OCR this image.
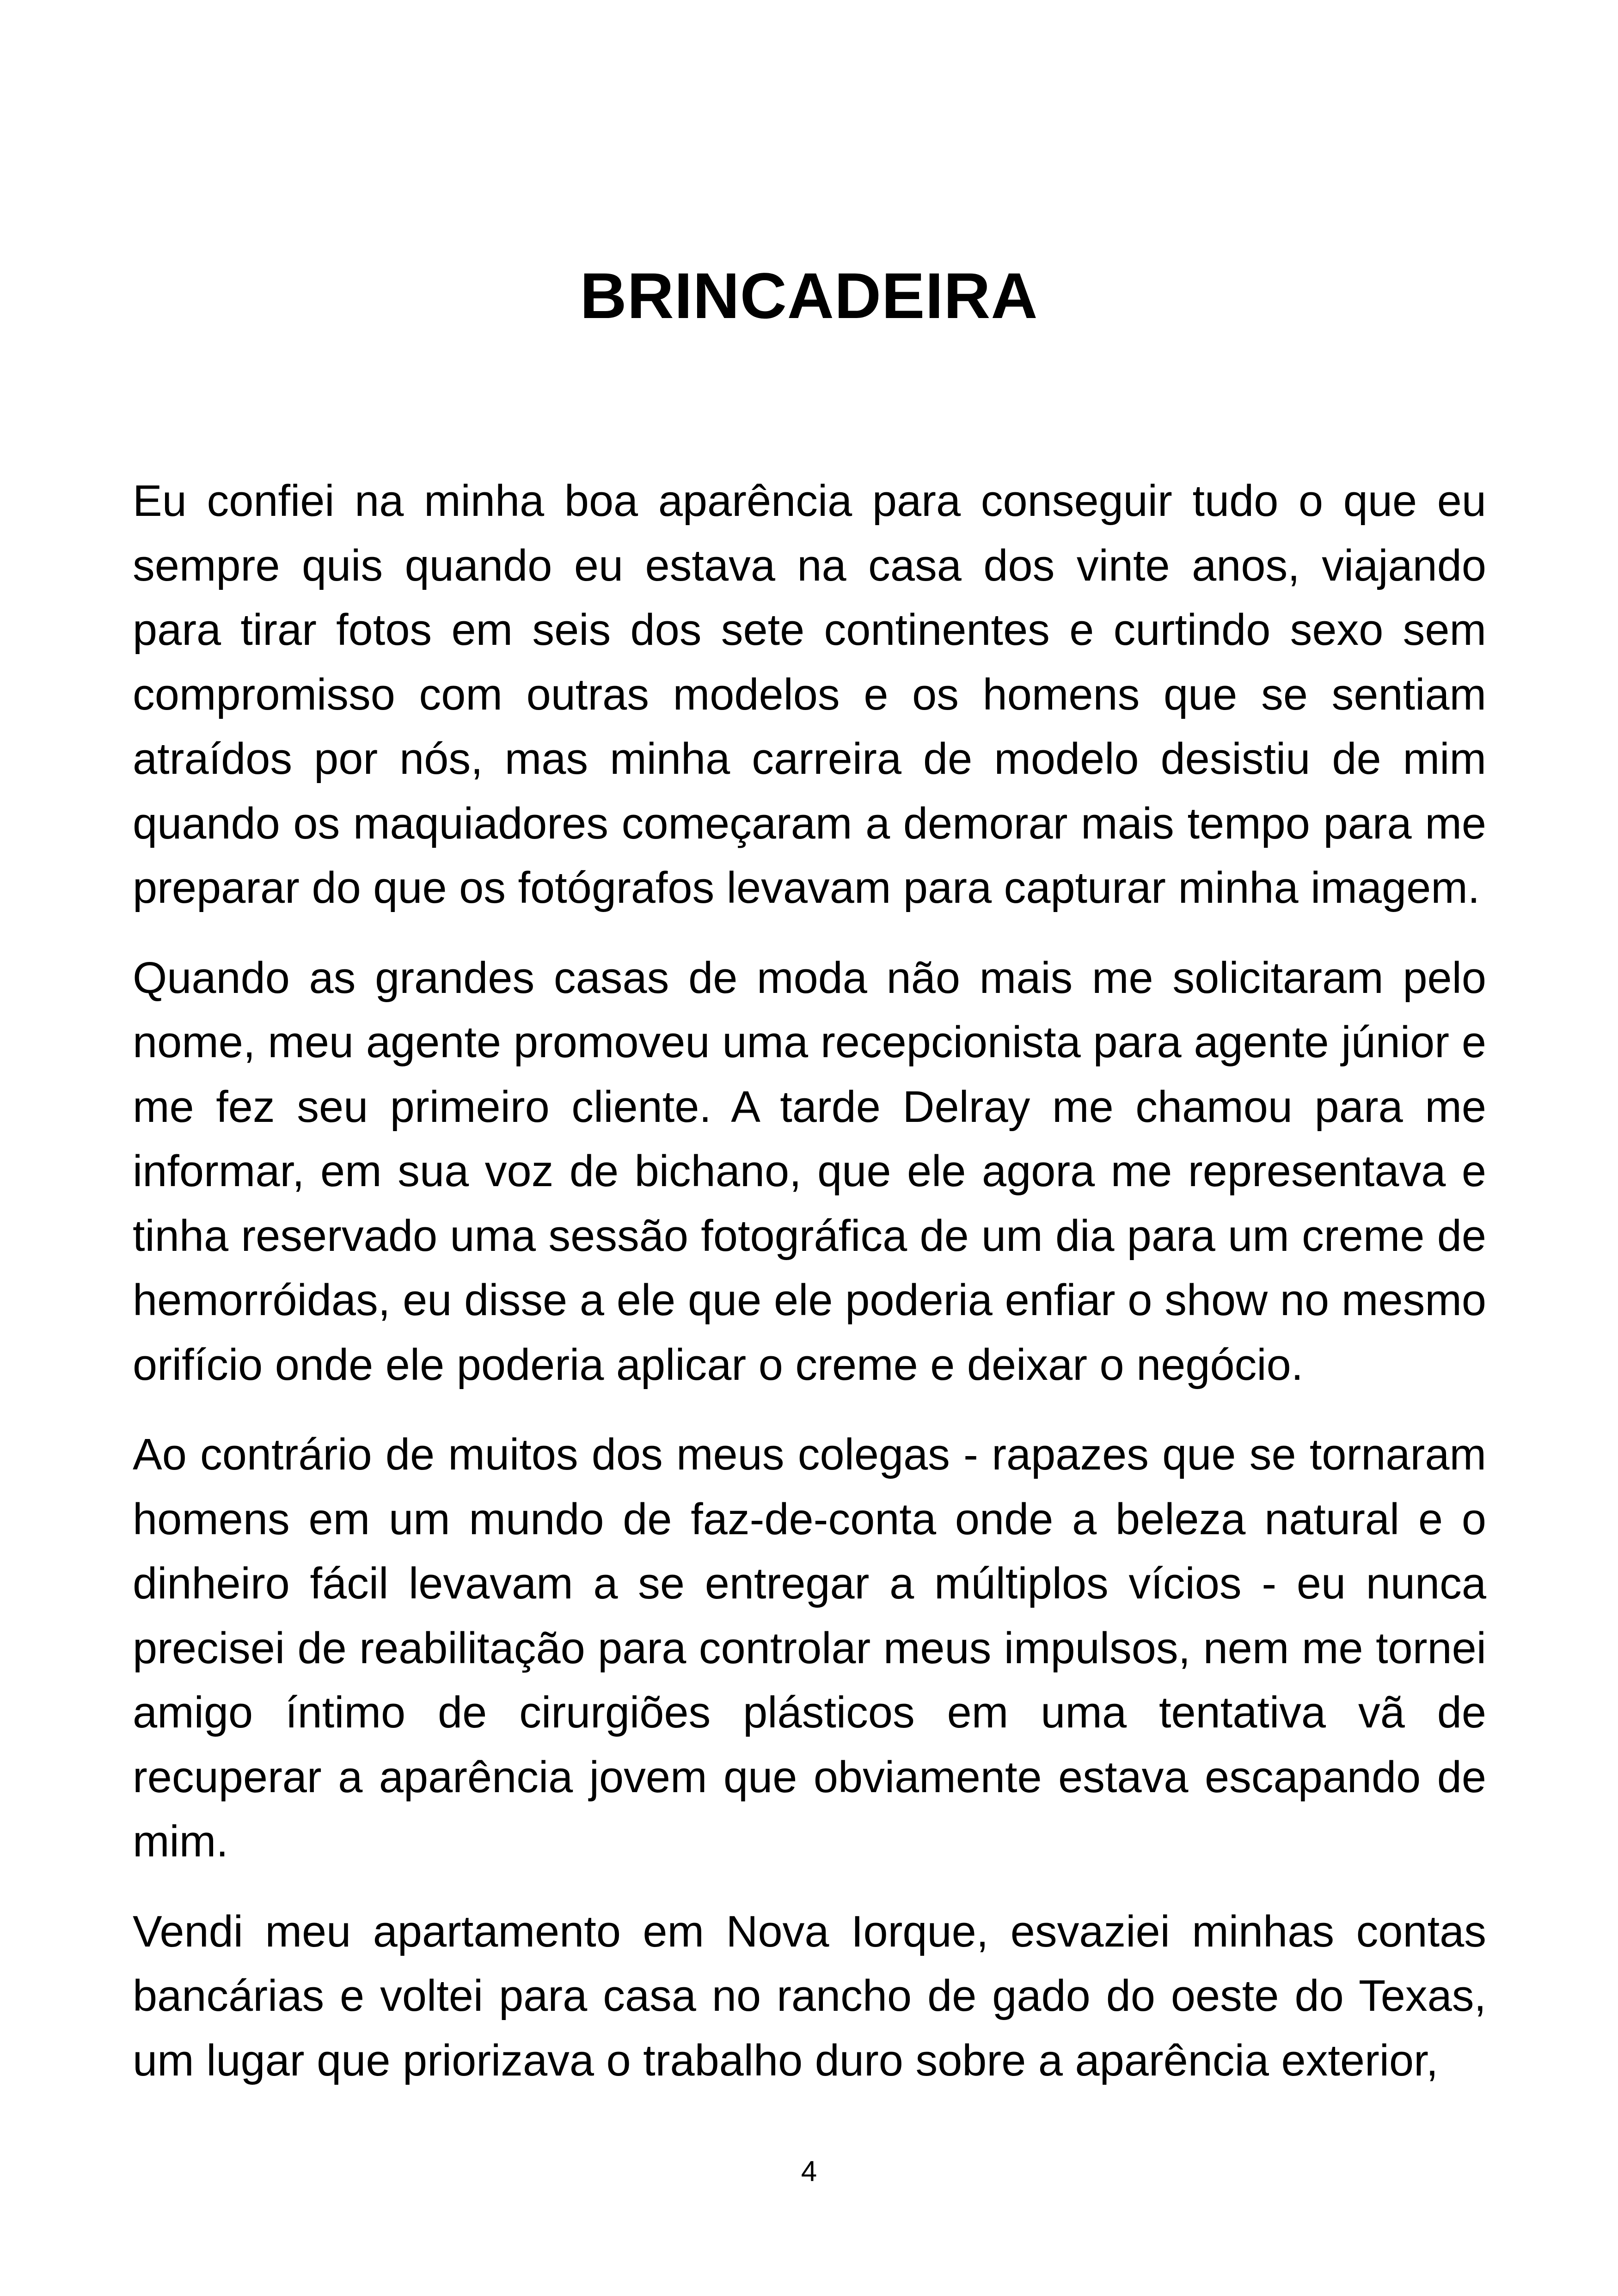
BRINCADEIRA

Eu confiei na minha boa aparência para conseguir tudo o que eu sempre quis quando eu estava na casa dos vinte anos, viajando para tirar fotos em seis dos sete continentes e curtindo sexo sem compromisso com outras modelos e os homens que se sentiam atraídos por nós, mas minha carreira de modelo desistiu de mim quando os maquiadores começaram a demorar mais tempo para me preparar do que os fotógrafos levavam para capturar minha imagem.

Quando as grandes casas de moda não mais me solicitaram pelo nome, meu agente promoveu uma recepcionista para agente júnior e me fez seu primeiro cliente. A tarde Delray me chamou para me informar, em sua voz de bichano, que ele agora me representava e tinha reservado uma sessão fotográfica de um dia para um creme de hemorróidas, eu disse a ele que ele poderia enfiar o show no mesmo orifício onde ele poderia aplicar o creme e deixar o negócio.

Ao contrário de muitos dos meus colegas - rapazes que se tornaram homens em um mundo de faz-de-conta onde a beleza natural e o dinheiro fácil levavam a se entregar a múltiplos vícios - eu nunca precisei de reabilitação para controlar meus impulsos, nem me tornei amigo íntimo de cirurgiões plásticos em uma tentativa vã de recuperar a aparência jovem que obviamente estava escapando de mim.

Vendi meu apartamento em Nova Iorque, esvaziei minhas contas bancárias e voltei para casa no rancho de gado do oeste do Texas, um lugar que priorizava o trabalho duro sobre a aparência exterior,

4
